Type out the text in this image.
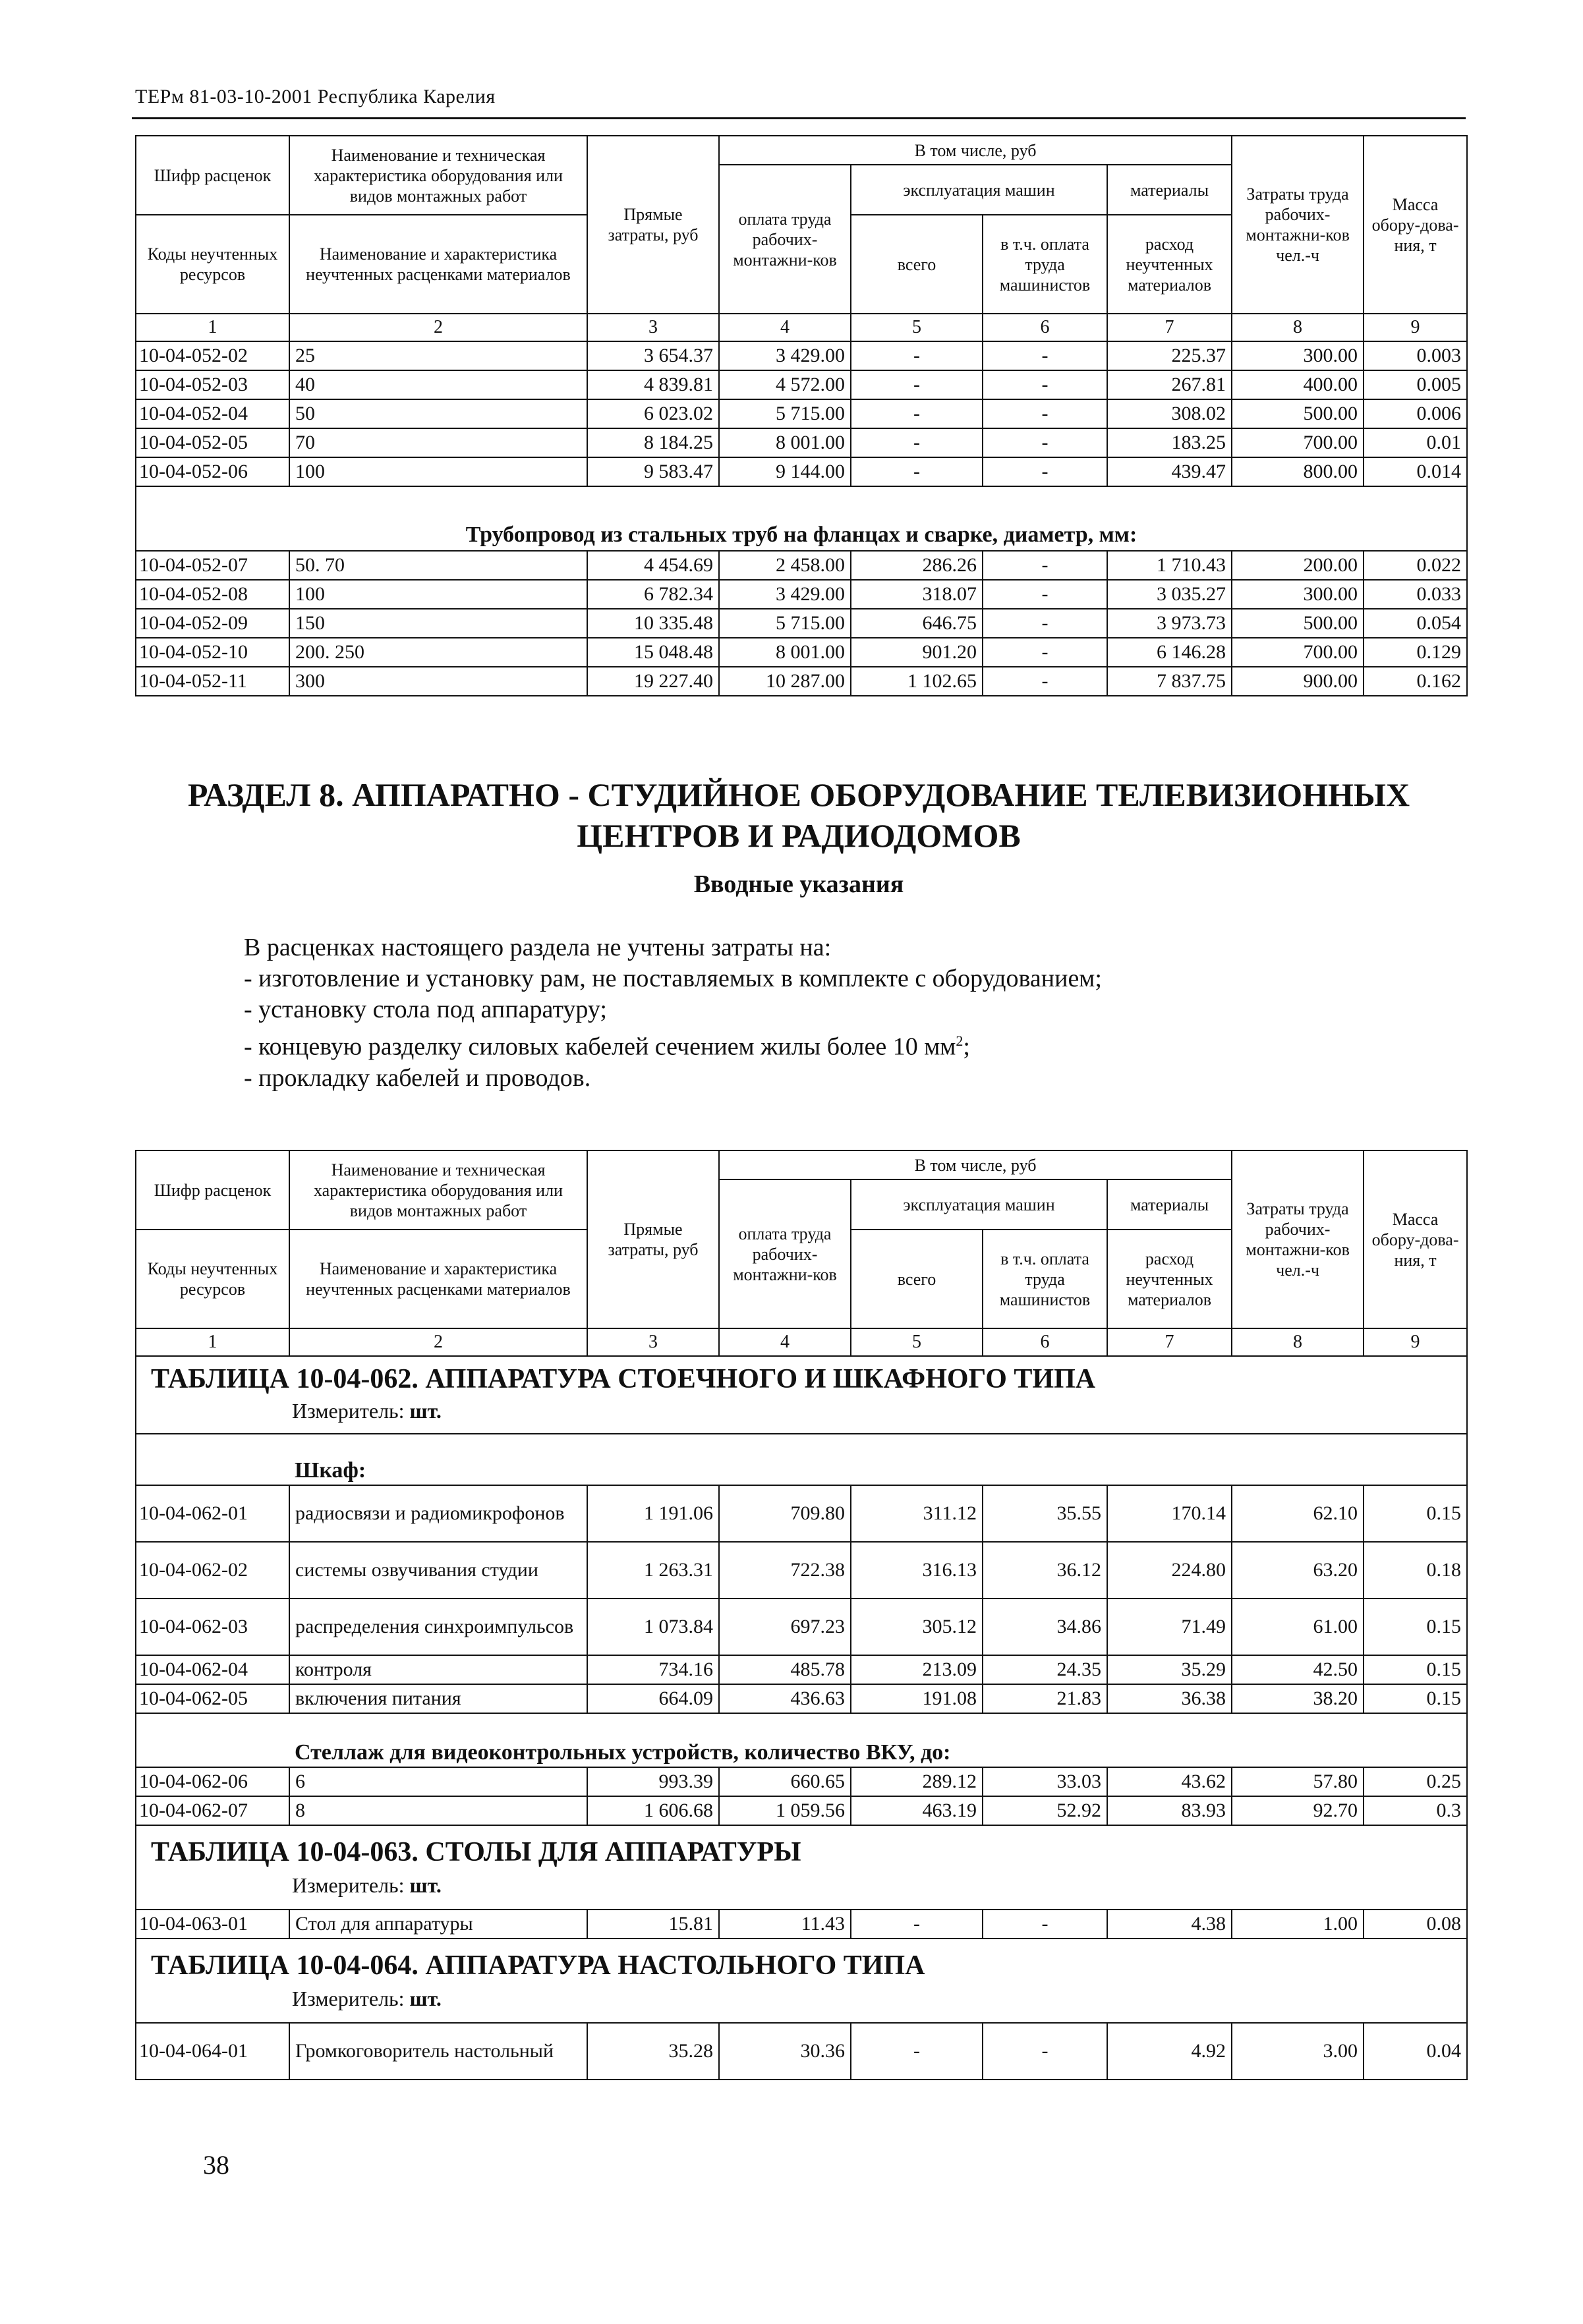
ТЕРм 81-03-10-2001 Республика Карелия
Шифр расценок	Наименование и техническая характеристика оборудования или видов монтажных работ	Прямые затраты, руб	В том числе, руб				Затраты труда рабочих-монтажни-ков чел.-ч	Масса обору-дова-ния, т
			оплата труда рабочих-монтажни-ков	эксплуатация машин		материалы		
Коды неучтенных ресурсов	Наименование и характеристика неучтенных расценками материалов			всего	в т.ч. оплата труда машинистов	расход неучтенных материалов		

1	2	3	4	5	6	7	8	9
10-04-052-02	25	3 654.37	3 429.00	-	-	225.37	300.00	0.003
10-04-052-03	40	4 839.81	4 572.00	-	-	267.81	400.00	0.005
10-04-052-04	50	6 023.02	5 715.00	-	-	308.02	500.00	0.006
10-04-052-05	70	8 184.25	8 001.00	-	-	183.25	700.00	0.01
10-04-052-06	100	9 583.47	9 144.00	-	-	439.47	800.00	0.014
Трубопровод из стальных труб на фланцах и сварке, диаметр, мм:								
10-04-052-07	50. 70	4 454.69	2 458.00	286.26	-	1 710.43	200.00	0.022
10-04-052-08	100	6 782.34	3 429.00	318.07	-	3 035.27	300.00	0.033
10-04-052-09	150	10 335.48	5 715.00	646.75	-	3 973.73	500.00	0.054
10-04-052-10	200. 250	15 048.48	8 001.00	901.20	-	6 146.28	700.00	0.129
10-04-052-11	300	19 227.40	10 287.00	1 102.65	-	7 837.75	900.00	0.162
РАЗДЕЛ 8. АППАРАТНО - СТУДИЙНОЕ ОБОРУДОВАНИЕ ТЕЛЕВИЗИОННЫХ
ЦЕНТРОВ И РАДИОДОМОВ
Вводные указания
В расценках настоящего раздела не учтены затраты на:
- изготовление и установку рам, не поставляемых в комплекте с оборудованием;
- установку стола под аппаратуру;
- концевую разделку силовых кабелей сечением жилы более 10 $мм^2$;
- прокладку кабелей и проводов.
Шифр расценок	Наименование и техническая характеристика оборудования или видов монтажных работ	Прямые затраты, руб	В том числе, руб				Затраты труда рабочих-монтажни-ков чел.-ч	Масса обору-дова-ния, т
			оплата труда рабочих-монтажни-ков	эксплуатация машин		материалы		
Коды неучтенных ресурсов	Наименование и характеристика неучтенных расценками материалов			всего	в т.ч. оплата труда машинистов	расход неучтенных материалов		

1	2	3	4	5	6	7	8	9

ТАБЛИЦА 10-04-062. АППАРАТУРА СТОЕЧНОГО И ШКАФНОГО ТИПА
Измеритель: шт.								

Шкаф:								
10-04-062-01	радиосвязи и радиомикрофонов	1 191.06	709.80	311.12	35.55	170.14	62.10	0.15
10-04-062-02	системы озвучивания студии	1 263.31	722.38	316.13	36.12	224.80	63.20	0.18
10-04-062-03	распределения синхроимпульсов	1 073.84	697.23	305.12	34.86	71.49	61.00	0.15
10-04-062-04	контроля	734.16	485.78	213.09	24.35	35.29	42.50	0.15
10-04-062-05	включения питания	664.09	436.63	191.08	21.83	36.38	38.20	0.15
Стеллаж для видеоконтрольных устройств, количество ВКУ, до:								
10-04-062-06	6	993.39	660.65	289.12	33.03	43.62	57.80	0.25
10-04-062-07	8	1 606.68	1 059.56	463.19	52.92	83.93	92.70	0.3

ТАБЛИЦА 10-04-063. СТОЛЫ ДЛЯ АППАРАТУРЫ
Измеритель: шт.								

10-04-063-01	Стол для аппаратуры	15.81	11.43	-	-	4.38	1.00	0.08

ТАБЛИЦА 10-04-064. АППАРАТУРА НАСТОЛЬНОГО ТИПА
Измеритель: шт.								

10-04-064-01	Громкоговоритель настольный	35.28	30.36	-	-	4.92	3.00	0.04
38
